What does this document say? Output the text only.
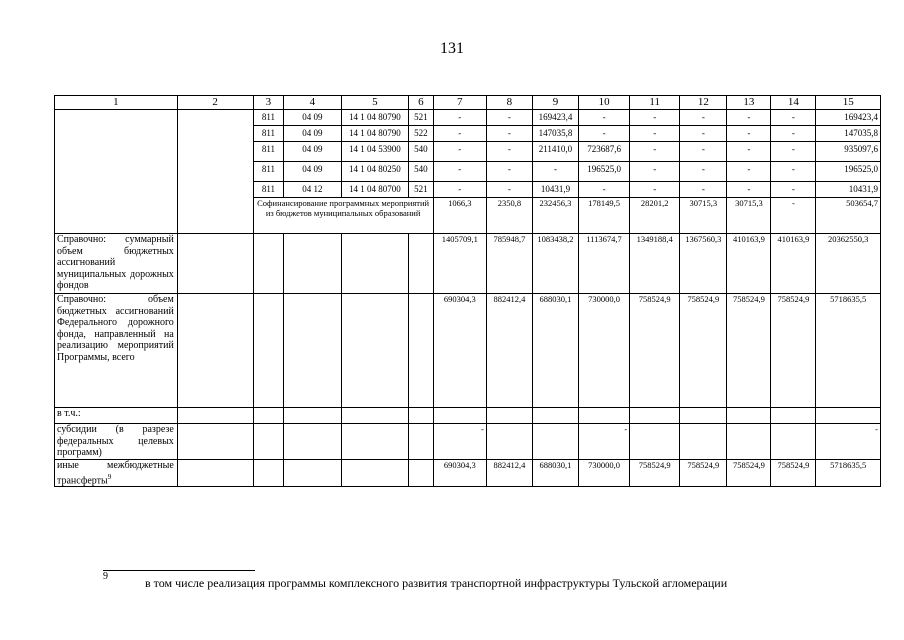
131
1	2	3	4	5	6	7	8	9	10	11	12	13	14	15
		811	04 09	14 1 04 80790	521	-	-	169423,4	-	-	-	-	-	169423,4
		811	04 09	14 1 04 80790	522	-	-	147035,8	-	-	-	-	-	147035,8
		811	04 09	14 1 04 53900	540	-	-	211410,0	723687,6	-	-	-	-	935097,6
		811	04 09	14 1 04 80250	540	-	-	-	196525,0	-	-	-	-	196525,0
		811	04 12	14 1 04 80700	521	-	-	10431,9	-	-	-	-	-	10431,9
		Софинансирование программных мероприятий из бюджетов муниципальных образований				1066,3	2350,8	232456,3	178149,5	28201,2	30715,3	30715,3	-	503654,7
Справочно: суммарный объем бюджетных ассигнований муниципальных дорожных фондов						1405709,1	785948,7	1083438,2	1113674,7	1349188,4	1367560,3	410163,9	410163,9	20362550,3
Справочно: объем бюджетных ассигнований Федерального дорожного фонда, направленный на реализацию мероприятий Программы, всего						690304,3	882412,4	688030,1	730000,0	758524,9	758524,9	758524,9	758524,9	5718635,5
в т.ч.:														
субсидии (в разрезе федеральных целевых программ)						-			-					-
иные межбюджетные трансферты$^9$						690304,3	882412,4	688030,1	730000,0	758524,9	758524,9	758524,9	758524,9	5718635,5
9	в том числе реализация программы комплексного развития транспортной инфраструктуры Тульской агломерации
